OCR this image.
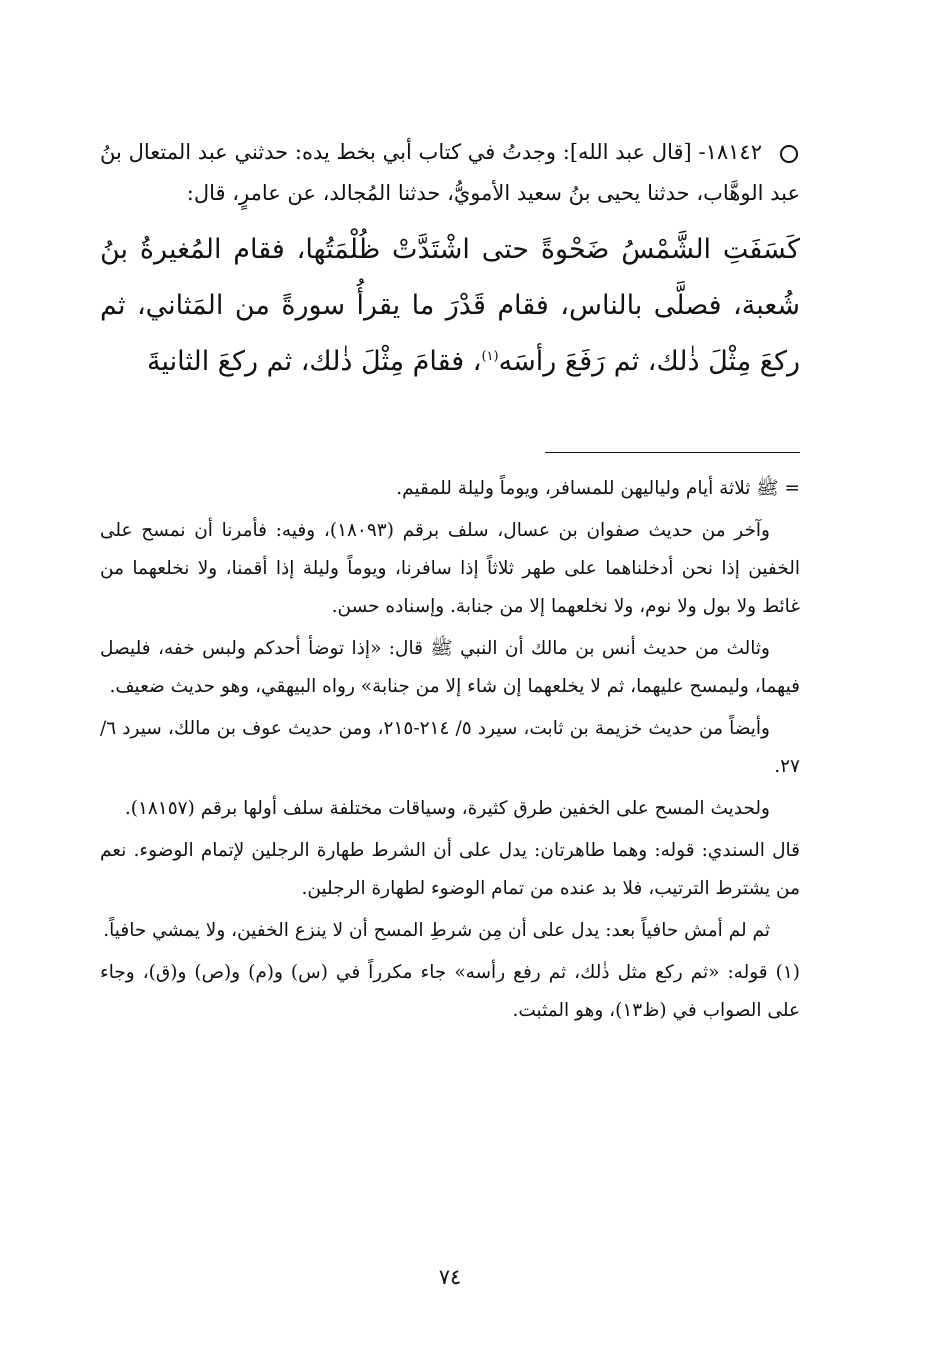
١٨١٤٢- [قال عبد الله]: وجدتُ في كتاب أبي بخط يده: حدثني عبد المتعال بنُ عبد الوهَّاب، حدثنا يحيى بنُ سعيد الأمويُّ، حدثنا المُجالد، عن عامرٍ، قال:

كَسَفَتِ الشَّمْسُ ضَحْوةً حتى اشْتَدَّتْ ظُلْمَتُها، فقام المُغيرةُ بنُ شُعبة، فصلَّى بالناس، فقام قَدْرَ ما يقرأُ سورةً من المَثاني، ثم ركعَ مِثْلَ ذٰلك، ثم رَفَعَ رأسَه$^{(١)}$، فقامَ مِثْلَ ذٰلك، ثم ركعَ الثانيةَ

= ﷺ ثلاثة أيام ولياليهن للمسافر، ويوماً وليلة للمقيم.

وآخر من حديث صفوان بن عسال، سلف برقم (١٨٠٩٣)، وفيه: فأمرنا أن نمسح على الخفين إذا نحن أدخلناهما على طهر ثلاثاً إذا سافرنا، ويوماً وليلة إذا أقمنا، ولا نخلعهما من غائط ولا بول ولا نوم، ولا نخلعهما إلا من جنابة. وإسناده حسن.

وثالث من حديث أنس بن مالك أن النبي ﷺ قال: «إذا توضأ أحدكم ولبس خفه، فليصل فيهما، وليمسح عليهما، ثم لا يخلعهما إن شاء إلا من جنابة» رواه البيهقي، وهو حديث ضعيف.

وأيضاً من حديث خزيمة بن ثابت، سيرد ٥/ ٢١٤-٢١٥، ومن حديث عوف بن مالك، سيرد ٦/ ٢٧.

ولحديث المسح على الخفين طرق كثيرة، وسياقات مختلفة سلف أولها برقم (١٨١٥٧).

قال السندي: قوله: وهما طاهرتان: يدل على أن الشرط طهارة الرجلين لإتمام الوضوء. نعم من يشترط الترتيب، فلا بد عنده من تمام الوضوء لطهارة الرجلين.

ثم لم أمش حافياً بعد: يدل على أن مِن شرطِ المسح أن لا ينزع الخفين، ولا يمشي حافياً.

(١) قوله: «ثم ركع مثل ذٰلك، ثم رفع رأسه» جاء مكرراً في (س) و(م) و(ص) و(ق)، وجاء على الصواب في (ظ١٣)، وهو المثبت.

٧٤
